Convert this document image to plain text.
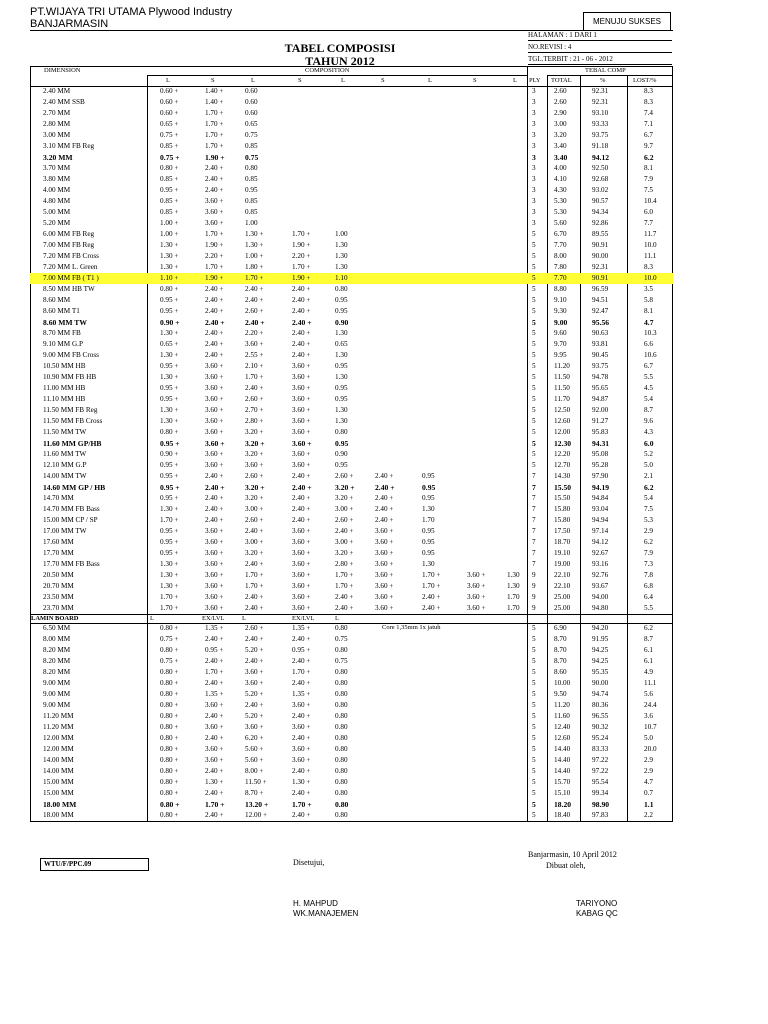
PT.WIJAYA TRI UTAMA Plywood Industry
BANJARMASIN	MENUJU SUKSES
TABEL COMPOSISI
TAHUN 2012
HALAMAN : 1 DARI 1
NO.REVISI : 4
TGL.TERBIT : 21 - 06 - 2012
DIMENSION	COMPOSITION	TEBAL COMP
L	S	L	S	L	S	L	S	L PLY TOTAL	%	LOST/%
2.40 MM	0.60 +	1.40 +	0.60	3	2.60	92.31	8.3
2.40 MM SSB	0.60 +	1.40 +	0.60	3	2.60	92.31	8.3
2.70 MM	0.60 +	1.70 +	0.60	3	2.90	93.10	7.4
2.80 MM	0.65 +	1.70 +	0.65	3	3.00	93.33	7.1
3.00 MM	0.75 +	1.70 +	0.75	3	3.20	93.75	6.7
3.10 MM FB Reg	0.85 +	1.70 +	0.85	3	3.40	91.18	9.7
3.20 MM	0.75 +	1.90 +	0.75	3 3.40	94.12	6.2
3.70 MM	0.80 +	2.40 +	0.80	3	4.00	92.50	8.1
3.80 MM	0.85 +	2.40 +	0.85	3	4.10	92.68	7.9
4.00 MM	0.95 +	2.40 +	0.95	3	4.30	93.02	7.5
4.80 MM	0.85 +	3.60 +	0.85	3	5.30	90.57	10.4
5.00 MM	0.85 +	3.60 +	0.85	3	5.30	94.34	6.0
5.20 MM	1.00 +	3.60 +	1.00	3	5.60	92.86	7.7
6.00 MM FB Reg	1.00 +	1.70 +	1.30 +	1.70 +	1.00	5	6.70	89.55	11.7
7.00 MM FB Reg	1.30 +	1.90 +	1.30 +	1.90 +	1.30	5	7.70	90.91	10.0
7.20 MM FB Cross	1.30 +	2.20 +	1.00 +	2.20 +	1.30	5	8.00	90.00	11.1
7.20 MM L. Green	1.30 +	1.70 +	1.80 +	1.70 +	1.30	5	7.80	92.31	8.3
7.00 MM FB ( T1 )	1.10 +	1.90 +	1.70 +	1.90 +	1.10	5	7.70	90.91	10.0
8.50 MM HB TW	0.80 +	2.40 +	2.40 +	2.40 +	0.80	5	8.80	96.59	3.5
8.60 MM	0.95 +	2.40 +	2.40 +	2.40 +	0.95	5	9.10	94.51	5.8
8.60 MM T1	0.95 +	2.40 +	2.60 +	2.40 +	0.95	5	9.30	92.47	8.1
8.60 MM TW	0.90 +	2.40 +	2.40 +	2.40 +	0.90	5 9.00	95.56	4.7
8.70 MM FB	1.30 +	2.40 +	2.20 +	2.40 +	1.30	5	9.60	90.63	10.3
9.10 MM G.P	0.65 +	2.40 +	3.60 +	2.40 +	0.65	5	9.70	93.81	6.6
9.00 MM FB Cross	1.30 +	2.40 +	2.55 +	2.40 +	1.30	5	9.95	90.45	10.6
10.50 MM HB	0.95 +	3.60 +	2.10 +	3.60 +	0.95	5	11.20	93.75	6.7
10.90 MM FB HB	1.30 +	3.60 +	1.70 +	3.60 +	1.30	5	11.50	94.78	5.5
11.00 MM HB	0.95 +	3.60 +	2.40 +	3.60 +	0.95	5	11.50	95.65	4.5
11.10 MM HB	0.95 +	3.60 +	2.60 +	3.60 +	0.95	5	11.70	94.87	5.4
11.50 MM FB Reg	1.30 +	3.60 +	2.70 +	3.60 +	1.30	5	12.50	92.00	8.7
11.50 MM FB Cross	1.30 +	3.60 +	2.80 +	3.60 +	1.30	5	12.60	91.27	9.6
11.50 MM TW	0.80 +	3.60 +	3.20 +	3.60 +	0.80	5	12.00	95.83	4.3
11.60 MM GP/HB	0.95 +	3.60 +	3.20 +	3.60 +	0.95	5 12.30	94.31	6.0
11.60 MM TW	0.90 +	3.60 +	3.20 +	3.60 +	0.90	5	12.20	95.08	5.2
12.10 MM G.P	0.95 +	3.60 +	3.60 +	3.60 +	0.95	5	12.70	95.28	5.0
14.00 MM TW	0.95 +	2.40 +	2.60 +	2.40 +	2.60 +	2.40 +	0.95	7	14.30	97.90	2.1
14.60 MM GP / HB	0.95 +	2.40 +	3.20 +	2.40 +	3.20 +	2.40 +	0.95	7 15.50	94.19	6.2
14.70 MM	0.95 +	2.40 +	3.20 +	2.40 +	3.20 +	2.40 +	0.95	7	15.50	94.84	5.4
14.70 MM FB Bass	1.30 +	2.40 +	3.00 +	2.40 +	3.00 +	2.40 +	1.30	7	15.80	93.04	7.5
15.00 MM CP / SP	1.70 +	2.40 +	2.60 +	2.40 +	2.60 +	2.40 +	1.70	7	15.80	94.94	5.3
17.00 MM TW	0.95 +	3.60 +	2.40 +	3.60 +	2.40 +	3.60 +	0.95	7	17.50	97.14	2.9
17.60 MM	0.95 +	3.60 +	3.00 +	3.60 +	3.00 +	3.60 +	0.95	7	18.70	94.12	6.2
17.70 MM	0.95 +	3.60 +	3.20 +	3.60 +	3.20 +	3.60 +	0.95	7	19.10	92.67	7.9
17.70 MM FB Bass	1.30 +	3.60 +	2.40 +	3.60 +	2.80 +	3.60 +	1.30	7	19.00	93.16	7.3
20.50 MM	1.30 +	3.60 +	1.70 +	3.60 +	1.70 +	3.60 +	1.70 +	3.60 +	1.30 9	22.10	92.76	7.8
20.70 MM	1.30 +	3.60 +	1.70 +	3.60 +	1.70 +	3.60 +	1.70 +	3.60 +	1.30 9	22.10	93.67	6.8
23.50 MM	1.70 +	3.60 +	2.40 +	3.60 +	2.40 +	3.60 +	2.40 +	3.60 +	1.70 9	25.00	94.00	6.4
23.70 MM	1.70 +	3.60 +	2.40 +	3.60 +	2.40 +	3.60 +	2.40 +	3.60 +	1.70 9	25.00	94.80	5.5
LAMIN BOARD	L	EX/LVL	L	EX/LVL	L
6.50 MM	0.80 +	1.35 +	2.60 +	1.35 +	0.80	5	6.90	94.20	6.2
8.00 MM	0.75 +	2.40 +	2.40 +	2.40 +	0.75	5	8.70	91.95	8.7
8.20 MM	0.80 +	0.95 +	5.20 +	0.95 +	0.80	5	8.70	94.25	6.1
8.20 MM	0.75 +	2.40 +	2.40 +	2.40 +	0.75	5	8.70	94.25	6.1
8.20 MM	0.80 +	1.70 +	3.60 +	1.70 +	0.80	5	8.60	95.35	4.9
9.00 MM	0.80 +	2.40 +	3.60 +	2.40 +	0.80	5	10.00	90.00	11.1
9.00 MM	0.80 +	1.35 +	5.20 +	1.35 +	0.80	5	9.50	94.74	5.6
9.00 MM	0.80 +	3.60 +	2.40 +	3.60 +	0.80	5	11.20	80.36	24.4
11.20 MM	0.80 +	2.40 +	5.20 +	2.40 +	0.80	5	11.60	96.55	3.6
11.20 MM	0.80 +	3.60 +	3.60 +	3.60 +	0.80	5	12.40	90.32	10.7
12.00 MM	0.80 +	2.40 +	6.20 +	2.40 +	0.80	5	12.60	95.24	5.0
12.00 MM	0.80 +	3.60 +	5.60 +	3.60 +	0.80	5	14.40	83.33	20.0
14.00 MM	0.80 +	3.60 +	5.60 +	3.60 +	0.80	5	14.40	97.22	2.9
14.00 MM	0.80 +	2.40 +	8.00 +	2.40 +	0.80	5	14.40	97.22	2.9
15.00 MM	0.80 +	1.30 +	11.50 +	1.30 +	0.80	5	15.70	95.54	4.7
15.00 MM	0.80 +	2.40 +	8.70 +	2.40 +	0.80	5	15.10	99.34	0.7
18.00 MM	0.80 +	1.70 +	13.20 +	1.70 +	0.80	5 18.20	98.90	1.1
18.00 MM	0.80 +	2.40 +	12.00 +	2.40 +	0.80	5	18.40	97.83	2.2
Core 1,35mm 1x jatuh
WTU/F/PPC.09	Disetujui,
Banjarmasin, 10 April 2012
Dibuat oleh,
H. MAHPUD
WK.MANAJEMEN
TARIYONO
KABAG QC
